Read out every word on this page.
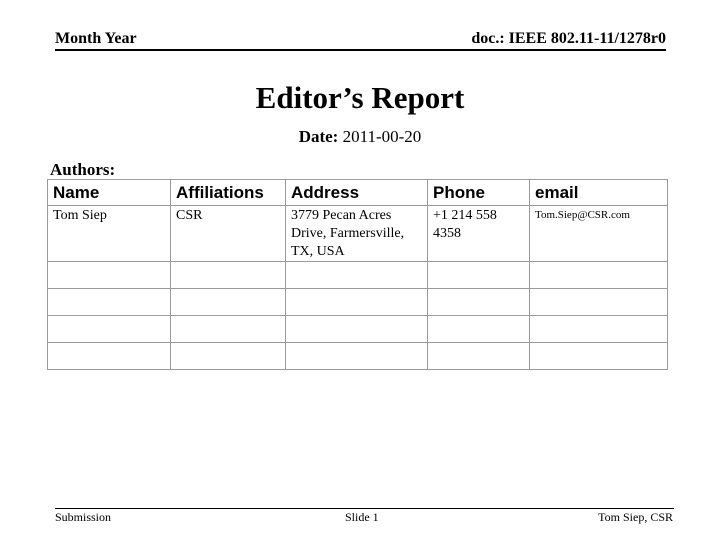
Month Year	doc.: IEEE 802.11-11/1278r0
Editor’s Report
Date: 2011-00-20
Authors:
Name	Affiliations	Address	Phone	email
Tom Siep	CSR	3779 Pecan Acres Drive, Farmersville, TX, USA	+1 214 558 4358	Tom.Siep@CSR.com

Submission	Slide 1	Tom Siep, CSR
